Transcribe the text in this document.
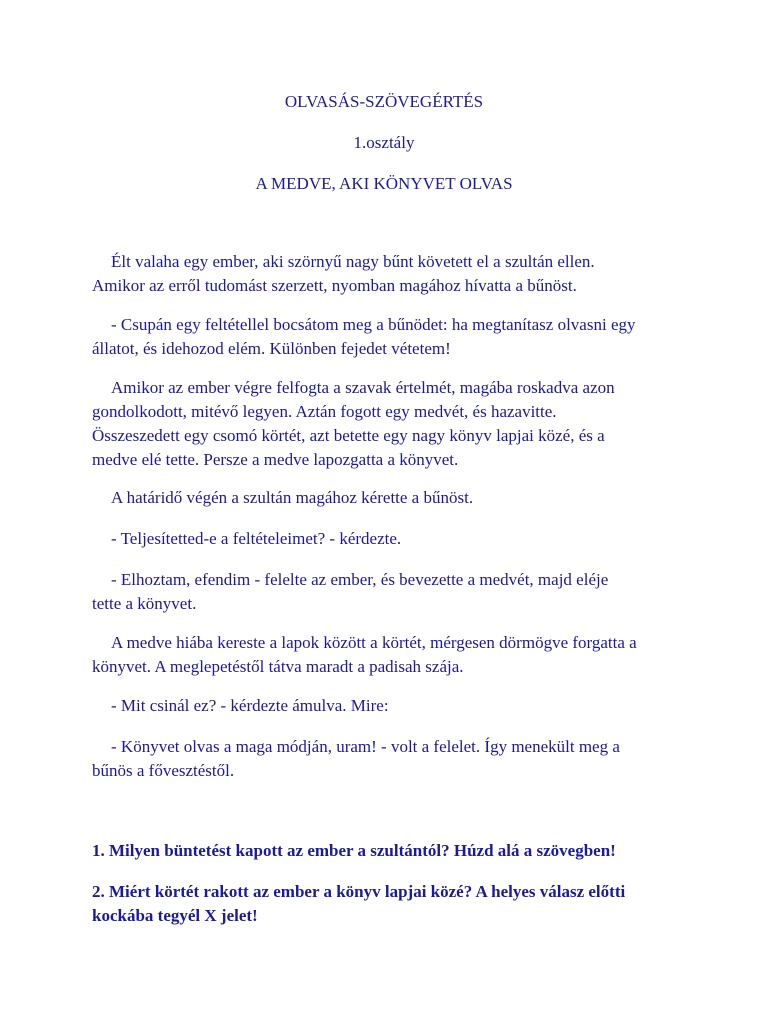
OLVASÁS-SZÖVEGÉRTÉS
1.osztály
A MEDVE, AKI KÖNYVET OLVAS

Élt valaha egy ember, aki szörnyű nagy bűnt követett el a szultán ellen.
Amikor az erről tudomást szerzett, nyomban magához hívatta a bűnöst.

- Csupán egy feltétellel bocsátom meg a bűnödet: ha megtanítasz olvasni egy
állatot, és idehozod elém. Különben fejedet vétetem!

Amikor az ember végre felfogta a szavak értelmét, magába roskadva azon
gondolkodott, mitévő legyen. Aztán fogott egy medvét, és hazavitte.
Összeszedett egy csomó körtét, azt betette egy nagy könyv lapjai közé, és a
medve elé tette. Persze a medve lapozgatta a könyvet.

A határidő végén a szultán magához kérette a bűnöst.

- Teljesítetted-e a feltételeimet? - kérdezte.

- Elhoztam, efendim - felelte az ember, és bevezette a medvét, majd eléje
tette a könyvet.

A medve hiába kereste a lapok között a körtét, mérgesen dörmögve forgatta a
könyvet. A meglepetéstől tátva maradt a padisah szája.

- Mit csinál ez? - kérdezte ámulva. Mire:

- Könyvet olvas a maga módján, uram! - volt a felelet. Így menekült meg a
bűnös a fővesztéstől.

1. Milyen büntetést kapott az ember a szultántól? Húzd alá a szövegben!
2. Miért körtét rakott az ember a könyv lapjai közé? A helyes válasz előtti
kockába tegyél X jelet!
